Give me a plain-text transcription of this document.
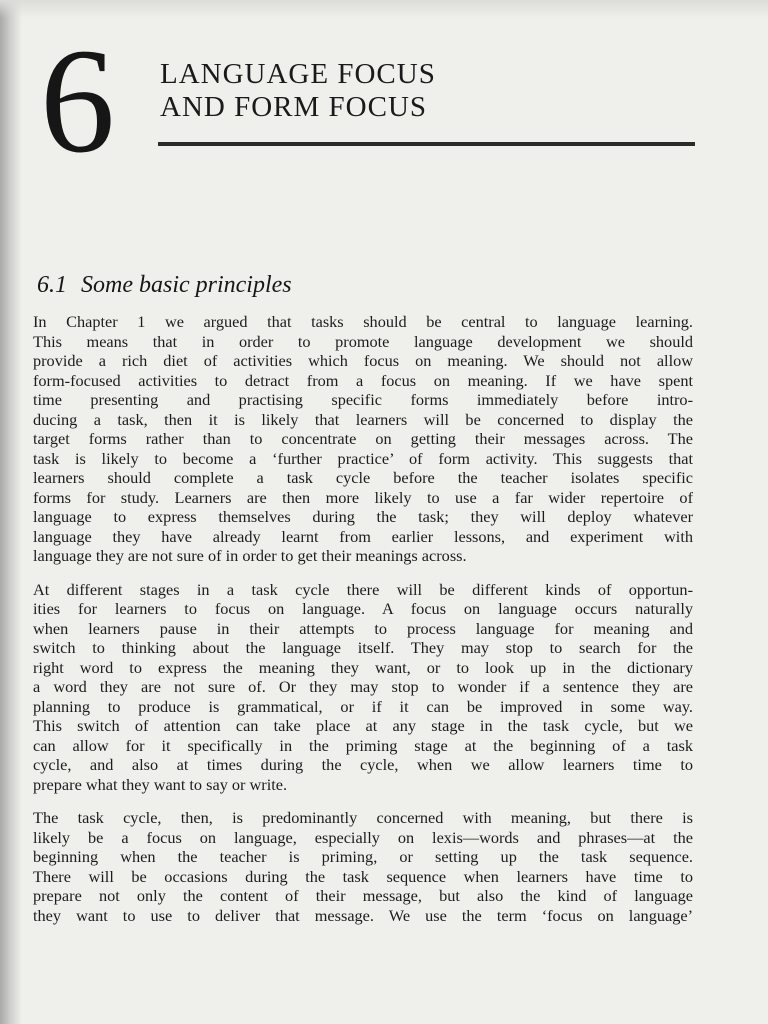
6 LANGUAGE FOCUS
AND FORM FOCUS
6.1 Some basic principles
In Chapter 1 we argued that tasks should be central to language learning.
This means that in order to promote language development we should
provide a rich diet of activities which focus on meaning. We should not allow
form-focused activities to detract from a focus on meaning. If we have spent
time presenting and practising specific forms immediately before intro-
ducing a task, then it is likely that learners will be concerned to display the
target forms rather than to concentrate on getting their messages across. The
task is likely to become a ‘further practice’ of form activity. This suggests that
learners should complete a task cycle before the teacher isolates specific
forms for study. Learners are then more likely to use a far wider repertoire of
language to express themselves during the task; they will deploy whatever
language they have already learnt from earlier lessons, and experiment with
language they are not sure of in order to get their meanings across.
At different stages in a task cycle there will be different kinds of opportun-
ities for learners to focus on language. A focus on language occurs naturally
when learners pause in their attempts to process language for meaning and
switch to thinking about the language itself. They may stop to search for the
right word to express the meaning they want, or to look up in the dictionary
a word they are not sure of. Or they may stop to wonder if a sentence they are
planning to produce is grammatical, or if it can be improved in some way.
This switch of attention can take place at any stage in the task cycle, but we
can allow for it specifically in the priming stage at the beginning of a task
cycle, and also at times during the cycle, when we allow learners time to
prepare what they want to say or write.
The task cycle, then, is predominantly concerned with meaning, but there is
likely be a focus on language, especially on lexis—words and phrases—at the
beginning when the teacher is priming, or setting up the task sequence.
There will be occasions during the task sequence when learners have time to
prepare not only the content of their message, but also the kind of language
they want to use to deliver that message. We use the term ‘focus on language’
